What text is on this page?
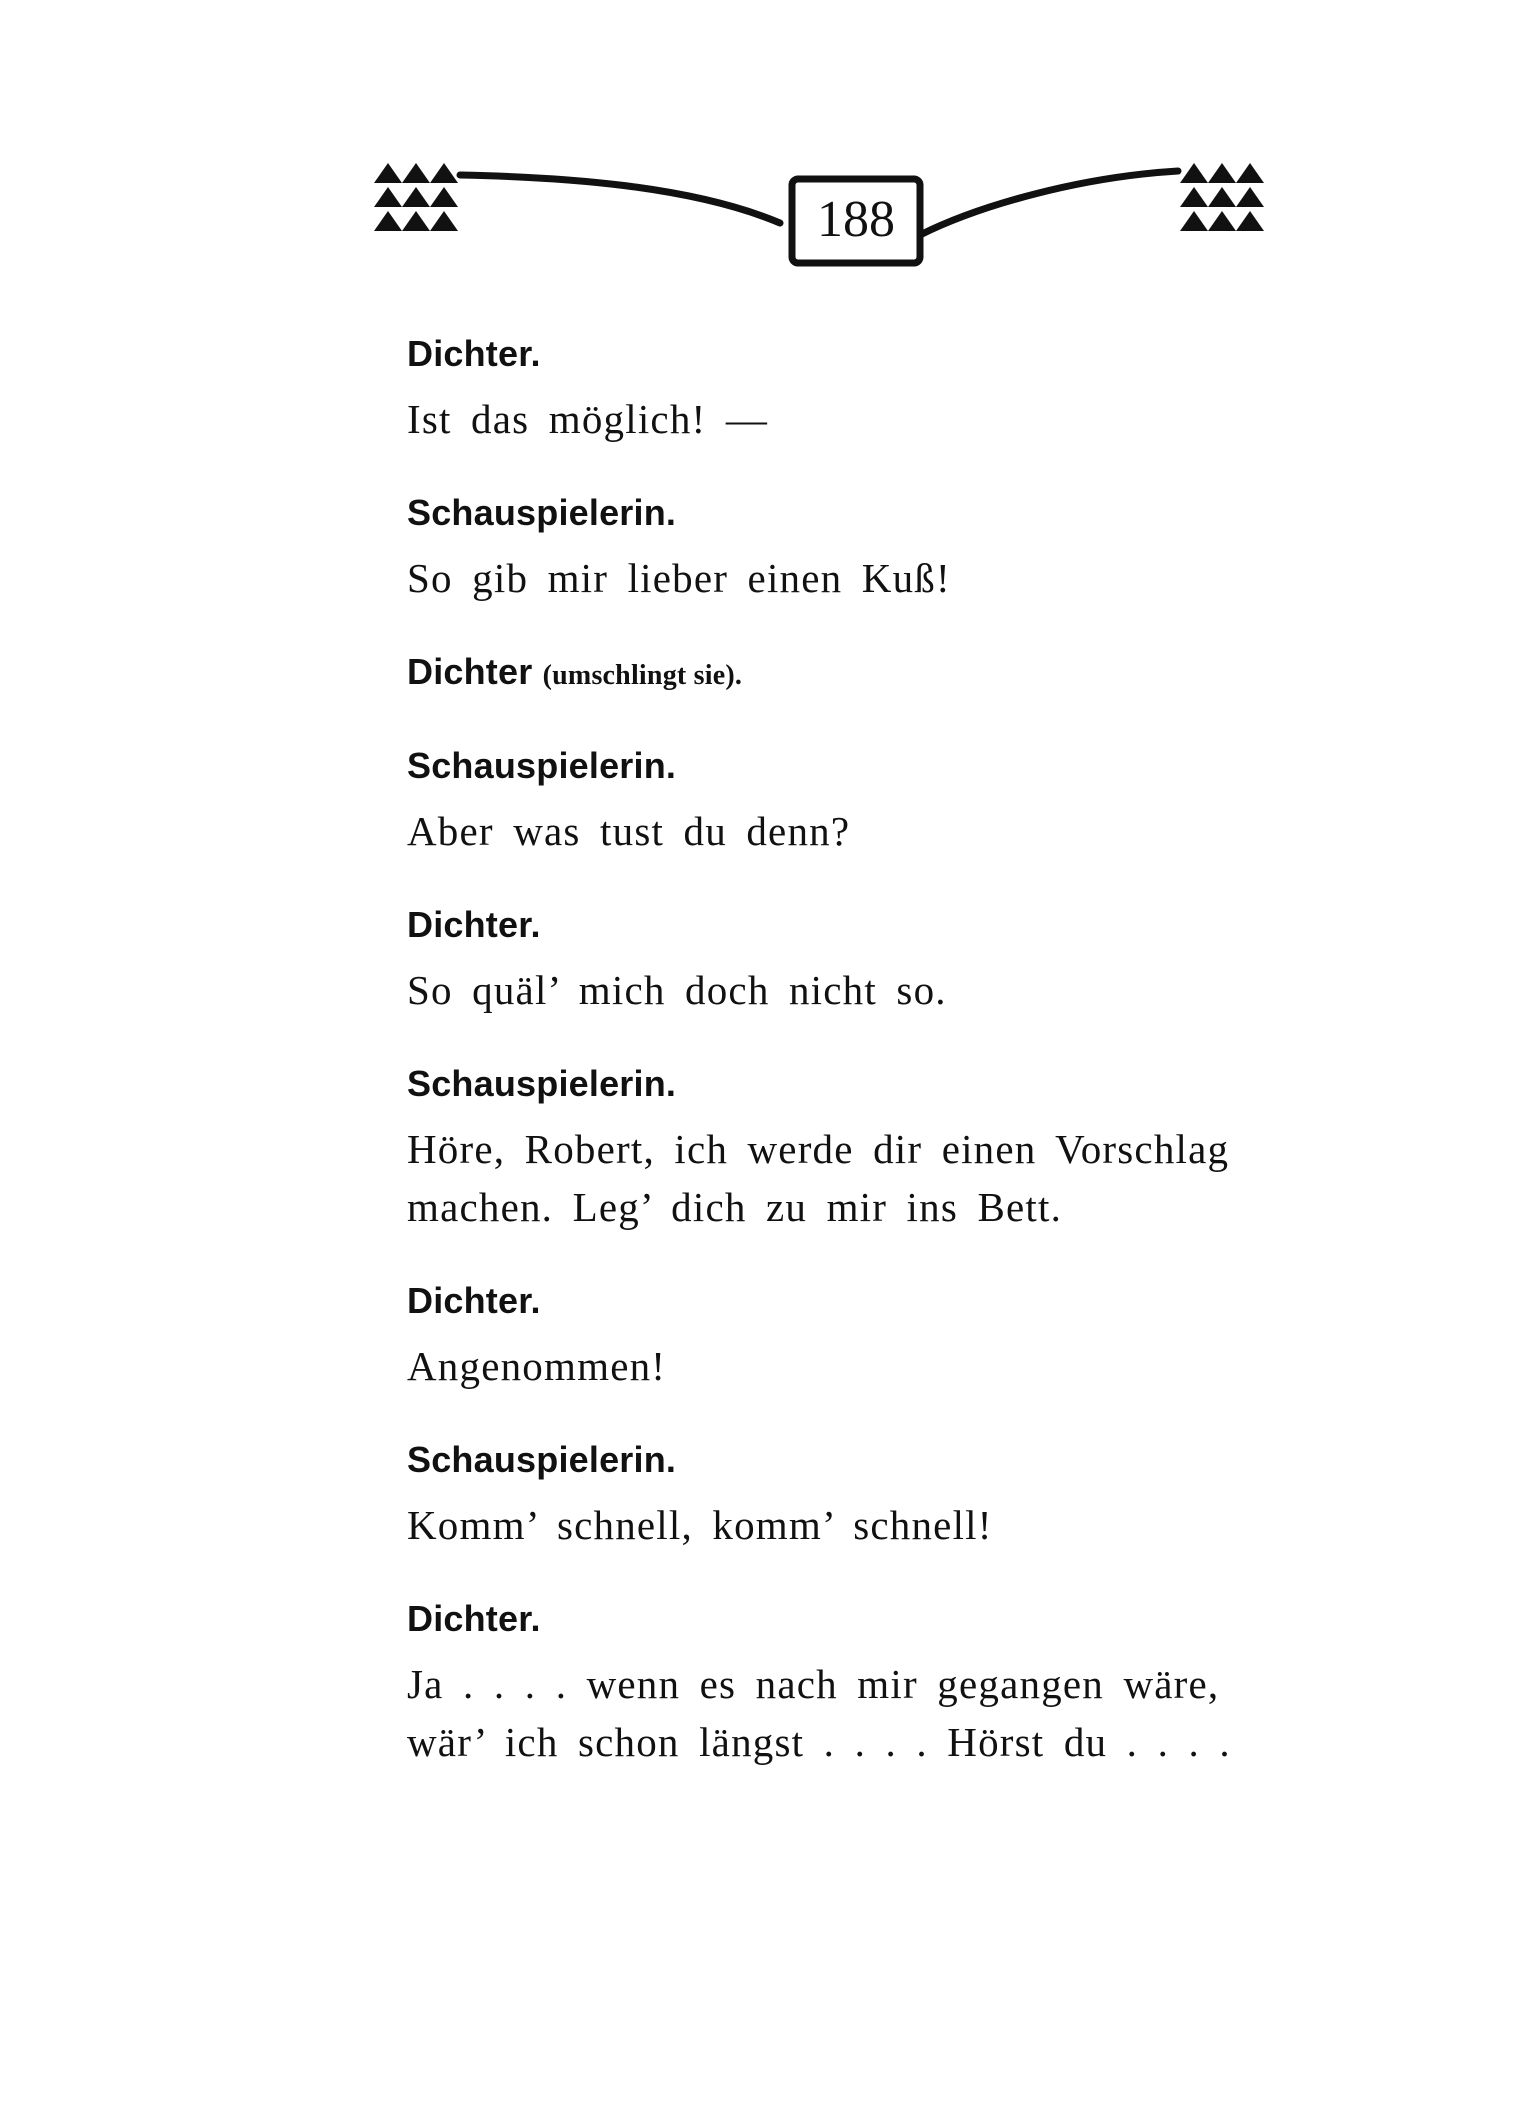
188
Dichter.
Ist das möglich! —
Schauspielerin.
So gib mir lieber einen Kuß!
Dichter (umschlingt sie).
Schauspielerin.
Aber was tust du denn?
Dichter.
So quäl’ mich doch nicht so.
Schauspielerin.
Höre, Robert, ich werde dir einen Vorschlag
machen. Leg’ dich zu mir ins Bett.
Dichter.
Angenommen!
Schauspielerin.
Komm’ schnell, komm’ schnell!
Dichter.
Ja . . . . wenn es nach mir gegangen wäre,
wär’ ich schon längst . . . . Hörst du . . . .
